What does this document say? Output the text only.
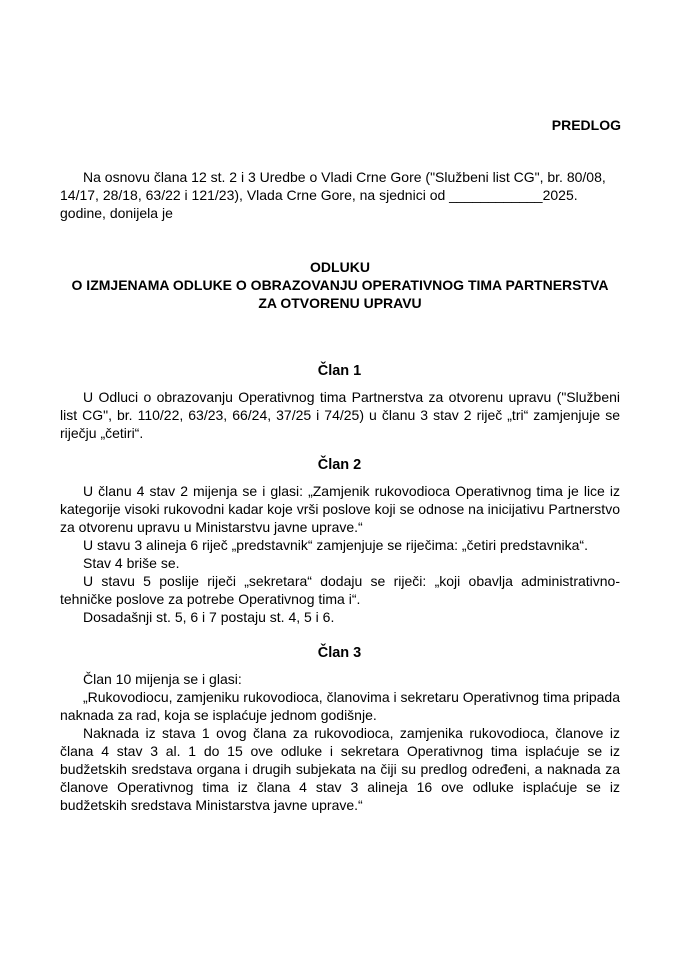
PREDLOG

Na osnovu člana 12 st. 2 i 3 Uredbe o Vladi Crne Gore ("Službeni list CG", br. 80/08,

14/17, 28/18, 63/22 i 121/23), Vlada Crne Gore, na sjednici od ____________2025.

godine, donijela je

ODLUKU

O IZMJENAMA ODLUKE O OBRAZOVANJU OPERATIVNOG TIMA PARTNERSTVA

ZA OTVORENU UPRAVU

Član 1

U Odluci o obrazovanju Operativnog tima Partnerstva za otvorenu upravu ("Službeni list CG", br. 110/22, 63/23, 66/24, 37/25 i 74/25) u članu 3 stav 2 riječ „tri“ zamjenjuje se riječju „četiri“.

Član 2

U članu 4 stav 2 mijenja se i glasi: „Zamjenik rukovodioca Operativnog tima je lice iz kategorije visoki rukovodni kadar koje vrši poslove koji se odnose na inicijativu Partnerstvo za otvorenu upravu u Ministarstvu javne uprave.“

U stavu 3 alineja 6 riječ „predstavnik“ zamjenjuje se riječima: „četiri predstavnika“.

Stav 4 briše se.

U stavu 5 poslije riječi „sekretara“ dodaju se riječi: „koji obavlja administrativno-tehničke poslove za potrebe Operativnog tima i“.

Dosadašnji st. 5, 6 i 7 postaju st. 4, 5 i 6.

Član 3

Član 10 mijenja se i glasi:

„Rukovodiocu, zamjeniku rukovodioca, članovima i sekretaru Operativnog tima pripada naknada za rad, koja se isplaćuje jednom godišnje.

Naknada iz stava 1 ovog člana za rukovodioca, zamjenika rukovodioca, članove iz člana 4 stav 3 al. 1 do 15 ove odluke i sekretara Operativnog tima isplaćuje se iz budžetskih sredstava organa i drugih subjekata na čiji su predlog određeni, a naknada za članove Operativnog tima iz člana 4 stav 3 alineja 16 ove odluke isplaćuje se iz budžetskih sredstava Ministarstva javne uprave.“
